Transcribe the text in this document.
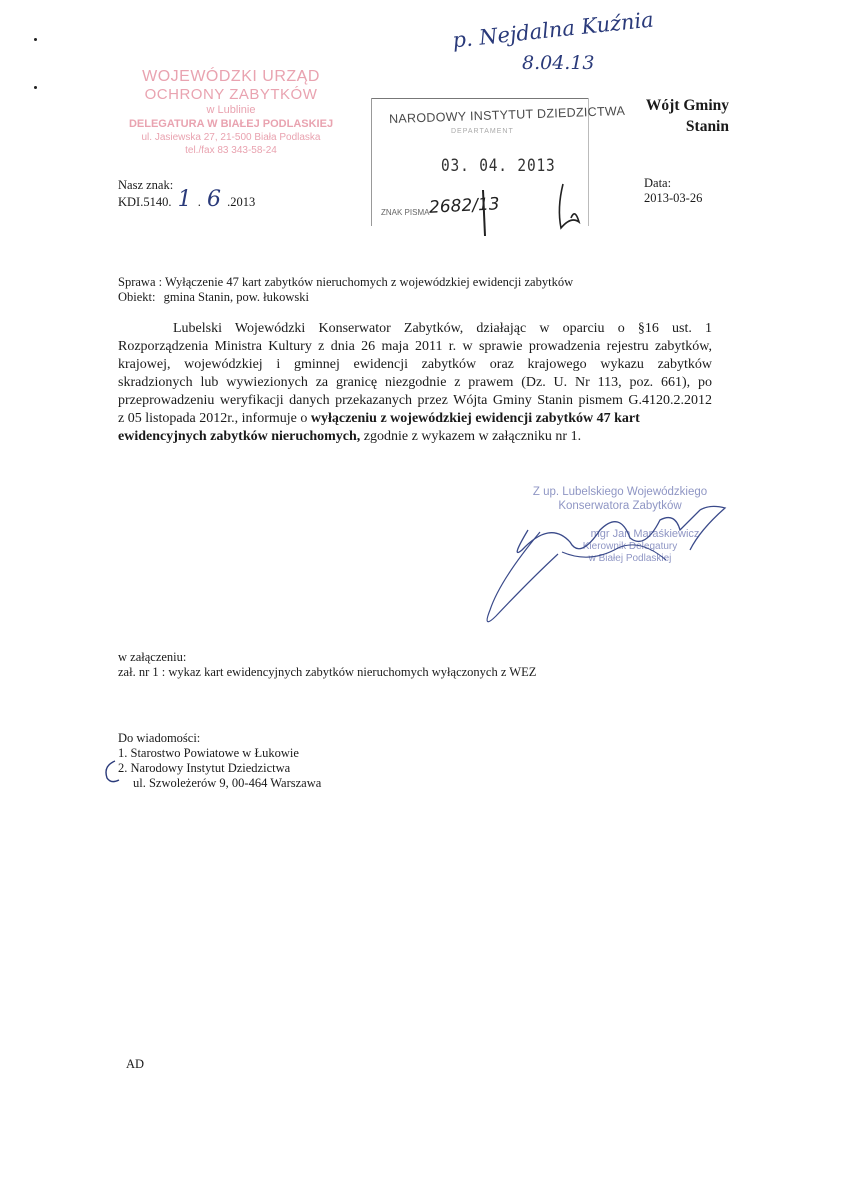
p. Nejdalna Kuźnia
8.04.13
WOJEWÓDZKI URZĄD
OCHRONY ZABYTKÓW
w Lublinie
DELEGATURA W BIAŁEJ PODLASKIEJ
ul. Jasiewska 27, 21-500 Biała Podlaska
tel./fax 83 343-58-24
NARODOWY INSTYTUT DZIEDZICTWA
DEPARTAMENT
03. 04. 2013
ZNAK PISMA 2682/13
Wójt Gminy
Stanin
Nasz znak:
KDI.5140. 1 . 6 .2013
Data:
2013-03-26
Sprawa : Wyłączenie 47 kart zabytków nieruchomych z wojewódzkiej ewidencji zabytków
Obiekt: gmina Stanin, pow. łukowski
Lubelski Wojewódzki Konserwator Zabytków, działając w oparciu o §16 ust. 1
Rozporządzenia Ministra Kultury z dnia 26 maja 2011 r. w sprawie prowadzenia rejestru zabytków,
krajowej, wojewódzkiej i gminnej ewidencji zabytków oraz krajowego wykazu zabytków
skradzionych lub wywiezionych za granicę niezgodnie z prawem (Dz. U. Nr 113, poz. 661), po
przeprowadzeniu weryfikacji danych przekazanych przez Wójta Gminy Stanin pismem G.4120.2.2012
z 05 listopada 2012r., informuje o wyłączeniu z wojewódzkiej ewidencji zabytków 47 kart
ewidencyjnych zabytków nieruchomych, zgodnie z wykazem w załączniku nr 1.
Z up. Lubelskiego Wojewódzkiego
Konserwatora Zabytków
mgr Jan Maraśkiewicz
Kierownik Delegatury
w Białej Podlaskiej
w załączeniu:
zał. nr 1 : wykaz kart ewidencyjnych zabytków nieruchomych wyłączonych z WEZ
Do wiadomości:
1. Starostwo Powiatowe w Łukowie
2. Narodowy Instytut Dziedzictwa
ul. Szwoleżerów 9, 00-464 Warszawa
AD
